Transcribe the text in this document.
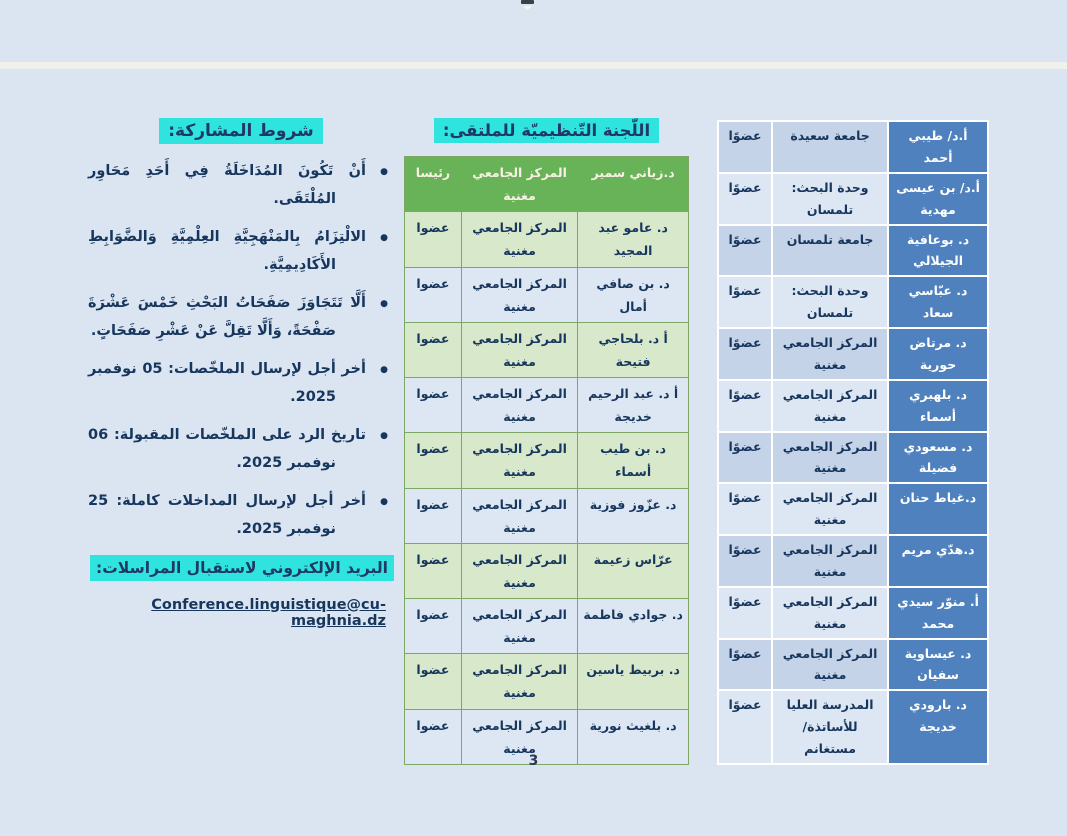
شروط المشاركة:
● أَنْ تَكُونَ المُدَاخَلَةُ فِي أَحَدِ مَحَاوِر المُلْتَقَى.
● الالْتِزَامُ بِالمَنْهَجِيَّةِ العِلْمِيَّةِ وَالضَّوَابِطِ الأَكَادِيمِيَّةِ.
● أَلَّا تَتَجَاوَزَ صَفَحَاتُ البَحْثِ خَمْسَ عَشْرَةَ صَفْحَةً، وَأَلَّا تَقِلَّ عَنْ عَشْرِ صَفَحَاتٍ.
● أخر أجل لإرسال الملخّصات: 05 نوفمبر 2025.
● تاريخ الرد على الملخّصات المقبولة: 06 نوفمبر 2025.
● أخر أجل لإرسال المداخلات كاملة: 25 نوفمبر 2025.
البريد الإلكتروني لاستقبال المراسلات:
Conference.linguistique@cu-maghnia.dz
اللّجنة التّنظيميّة للملتقى:
د.زياني سمير	المركز الجامعي مغنية	رئيسا
د. عامو عبد المجيد	المركز الجامعي مغنية	عضوا
د. بن صافي أمال	المركز الجامعي مغنية	عضوا
أ د. بلحاجي فتيحة	المركز الجامعي مغنية	عضوا
أ د. عبد الرحيم خديجة	المركز الجامعي مغنية	عضوا
د. بن طيب أسماء	المركز الجامعي مغنية	عضوا
د. عزّوز فوزية	المركز الجامعي مغنية	عضوا
عرّاس زعيمة	المركز الجامعي مغنية	عضوا
د. جوادي فاطمة	المركز الجامعي مغنية	عضوا
د. بربيط ياسين	المركز الجامعي مغنية	عضوا
د. بلغيث نورية	المركز الجامعي مغنية	عضوا
أ.د/ طيبي أحمد	جامعة سعيدة	عضوًا
أ.د/ بن عيسى مهدية	وحدة البحث: تلمسان	عضوًا
د. بوعافية الجيلالي	جامعة تلمسان	عضوًا
د. عبّاسي سعاد	وحدة البحث: تلمسان	عضوًا
د. مرتاض حورية	المركز الجامعي مغنية	عضوًا
د. بلهبري أسماء	المركز الجامعي مغنية	عضوًا
د. مسعودي فضيلة	المركز الجامعي مغنية	عضوًا
د.غياط حنان	المركز الجامعي مغنية	عضوًا
د.هدّي مريم	المركز الجامعي مغنية	عضوًا
أ. منوّر سيدي محمد	المركز الجامعي مغنية	عضوًا
د. عيساوية سفيان	المركز الجامعي مغنية	عضوًا
د. بارودي خديجة	المدرسة العليا للأساتذة/مستغانم	عضوًا
3
